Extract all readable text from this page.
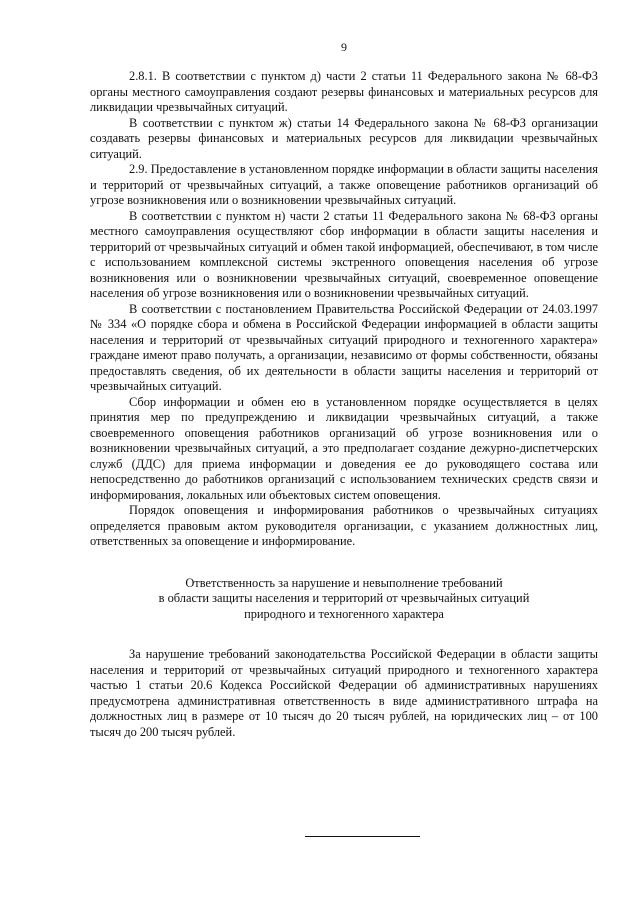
9

2.8.1. В соответствии с пунктом д) части 2 статьи 11 Федерального закона № 68-ФЗ органы местного самоуправления создают резервы финансовых и материальных ресурсов для ликвидации чрезвычайных ситуаций.

В соответствии с пунктом ж) статьи 14 Федерального закона № 68-ФЗ организации создавать резервы финансовых и материальных ресурсов для ликвидации чрезвычайных ситуаций.

2.9. Предоставление в установленном порядке информации в области защиты населения и территорий от чрезвычайных ситуаций, а также оповещение работников организаций об угрозе возникновения или о возникновении чрезвычайных ситуаций.

В соответствии с пунктом н) части 2 статьи 11 Федерального закона № 68-ФЗ органы местного самоуправления осуществляют сбор информации в области защиты населения и территорий от чрезвычайных ситуаций и обмен такой информацией, обеспечивают, в том числе с использованием комплексной системы экстренного оповещения населения об угрозе возникновения или о возникновении чрезвычайных ситуаций, своевременное оповещение населения об угрозе возникновения или о возникновении чрезвычайных ситуаций.

В соответствии с постановлением Правительства Российской Федерации от 24.03.1997 № 334 «О порядке сбора и обмена в Российской Федерации информацией в области защиты населения и территорий от чрезвычайных ситуаций природного и техногенного характера» граждане имеют право получать, а организации, независимо от формы собственности, обязаны предоставлять сведения, об их деятельности в области защиты населения и территорий от чрезвычайных ситуаций.

Сбор информации и обмен ею в установленном порядке осуществляется в целях принятия мер по предупреждению и ликвидации чрезвычайных ситуаций, а также своевременного оповещения работников организаций об угрозе возникновения или о возникновении чрезвычайных ситуаций, а это предполагает создание дежурно-диспетчерских служб (ДДС) для приема информации и доведения ее до руководящего состава или непосредственно до работников организаций с использованием технических средств связи и информирования, локальных или объектовых систем оповещения.

Порядок оповещения и информирования работников о чрезвычайных ситуациях определяется правовым актом руководителя организации, с указанием должностных лиц, ответственных за оповещение и информирование.

Ответственность за нарушение и невыполнение требований
в области защиты населения и территорий от чрезвычайных ситуаций
природного и техногенного характера

За нарушение требований законодательства Российской Федерации в области защиты населения и территорий от чрезвычайных ситуаций природного и техногенного характера частью 1 статьи 20.6 Кодекса Российской Федерации об административных нарушениях предусмотрена административная ответственность в виде административного штрафа на должностных лиц в размере от 10 тысяч до 20 тысяч рублей, на юридических лиц – от 100 тысяч до 200 тысяч рублей.
